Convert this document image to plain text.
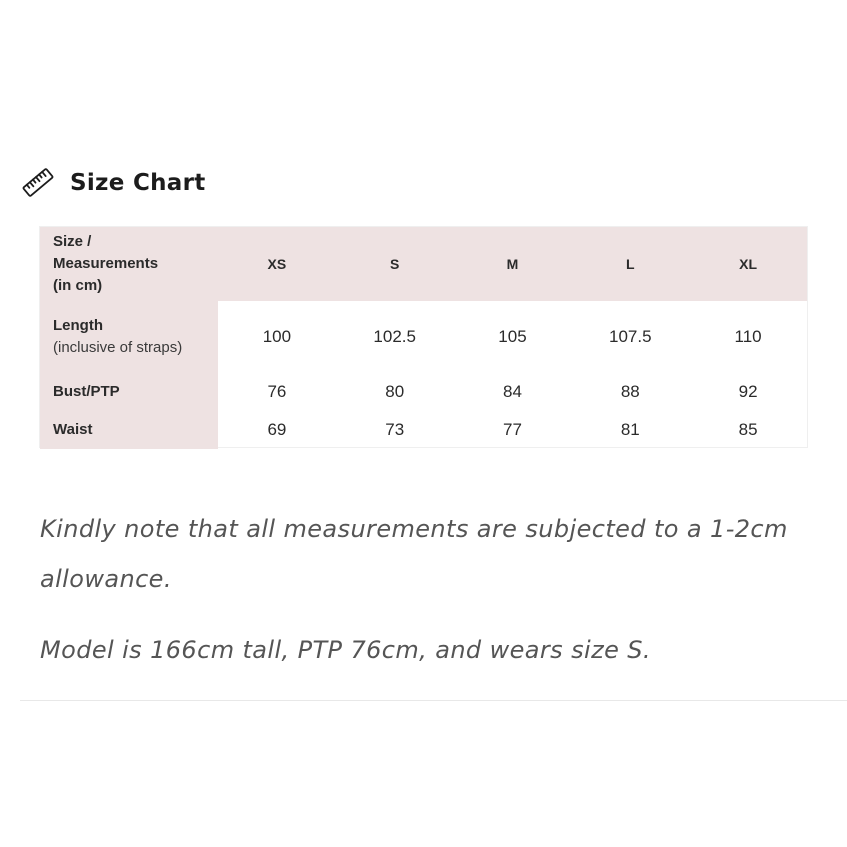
Size Chart
Size /
Measurements
(in cm)	XS	S	M	L	XL

Length
(inclusive of straps)	100	102.5	105	107.5	110
Bust/PTP	76	80	84	88	92
Waist	69	73	77	81	85

Kindly note that all measurements are subjected to a 1-2cm allowance.

Model is 166cm tall, PTP 76cm, and wears size S.
